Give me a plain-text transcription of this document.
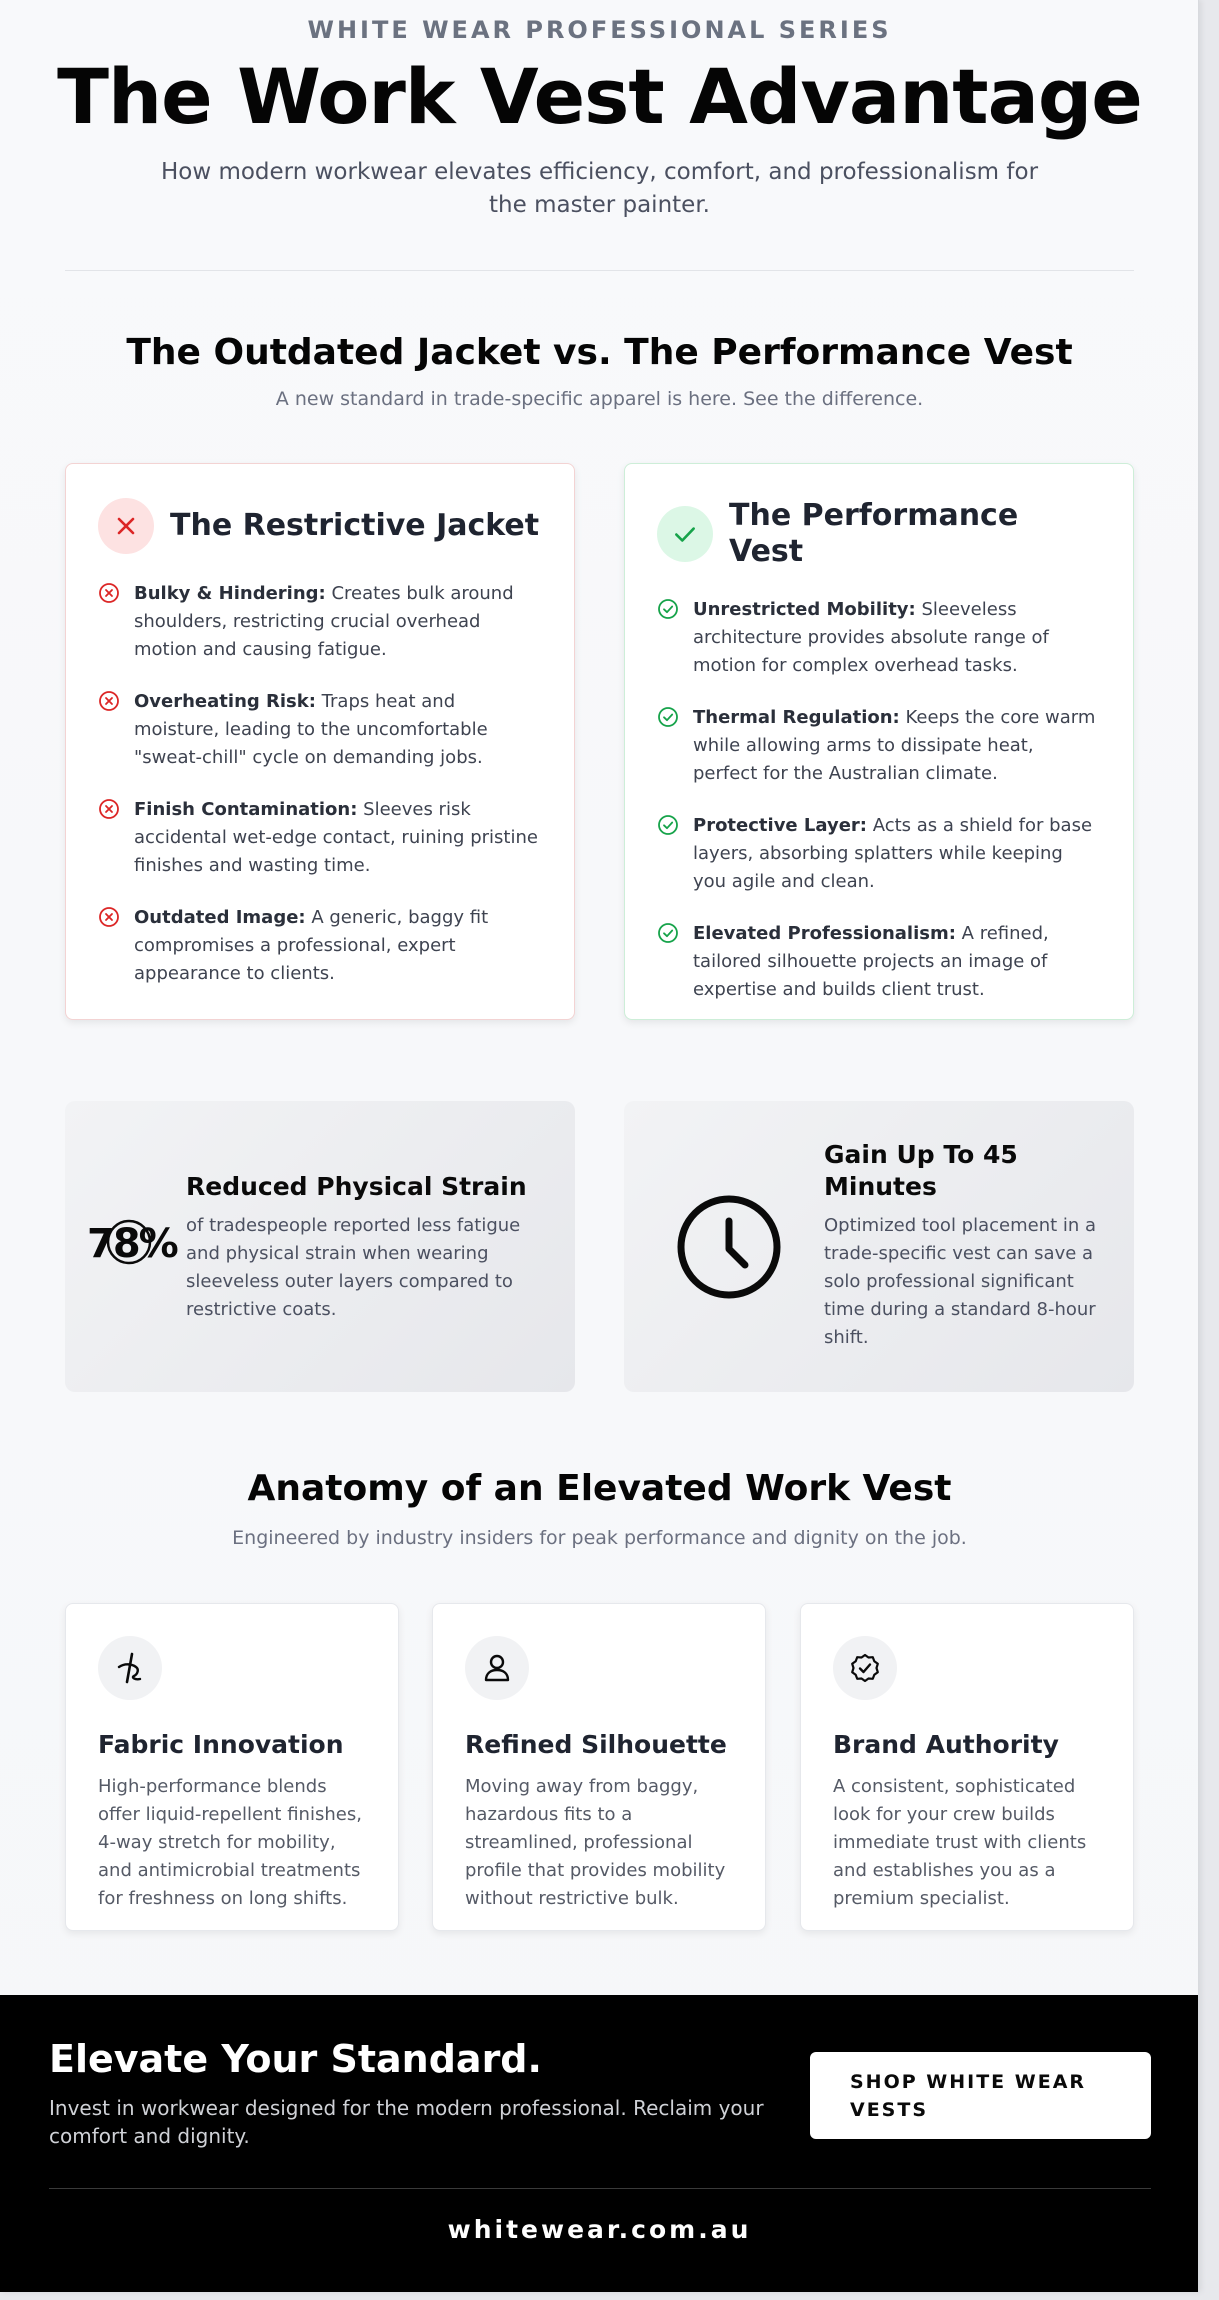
WHITE WEAR PROFESSIONAL SERIES
The Work Vest Advantage

How modern workwear elevates efficiency, comfort, and professionalism for the master painter.

The Outdated Jacket vs. The Performance Vest

A new standard in trade-specific apparel is here. See the difference.

The Restrictive Jacket
Bulky & Hindering: Creates bulk around shoulders, restricting crucial overhead motion and causing fatigue.
Overheating Risk: Traps heat and moisture, leading to the uncomfortable "sweat-chill" cycle on demanding jobs.
Finish Contamination: Sleeves risk accidental wet-edge contact, ruining pristine finishes and wasting time.
Outdated Image: A generic, baggy fit compromises a professional, expert appearance to clients.
The Performance Vest
Unrestricted Mobility: Sleeveless architecture provides absolute range of motion for complex overhead tasks.
Thermal Regulation: Keeps the core warm while allowing arms to dissipate heat, perfect for the Australian climate.
Protective Layer: Acts as a shield for base layers, absorbing splatters while keeping you agile and clean.
Elevated Professionalism: A refined, tailored silhouette projects an image of expertise and builds client trust.
78%
Reduced Physical Strain
of tradespeople reported less fatigue and physical strain when wearing sleeveless outer layers compared to restrictive coats.
Gain Up To 45 Minutes
Optimized tool placement in a trade-specific vest can save a solo professional significant time during a standard 8-hour shift.
Anatomy of an Elevated Work Vest

Engineered by industry insiders for peak performance and dignity on the job.

Fabric Innovation
High-performance blends offer liquid-repellent finishes, 4-way stretch for mobility, and antimicrobial treatments for freshness on long shifts.
Refined Silhouette
Moving away from baggy, hazardous fits to a streamlined, professional profile that provides mobility without restrictive bulk.
Brand Authority
A consistent, sophisticated look for your crew builds immediate trust with clients and establishes you as a premium specialist.
Elevate Your Standard.
Invest in workwear designed for the modern professional. Reclaim your comfort and dignity.
SHOP WHITE WEAR VESTS
whitewear.com.au
